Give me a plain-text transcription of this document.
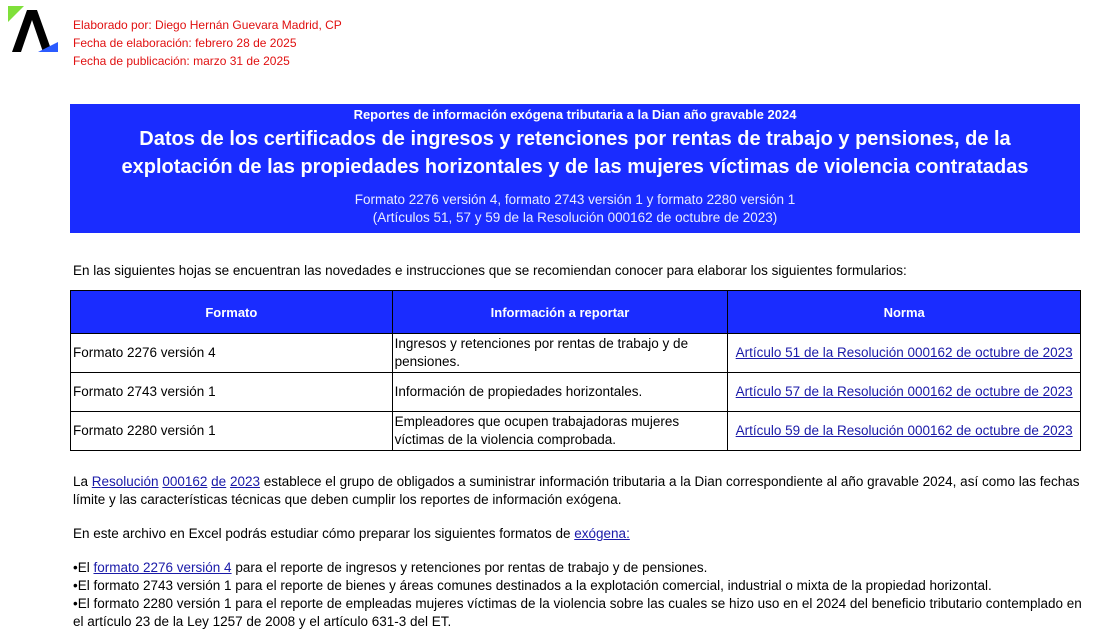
Elaborado por: Diego Hernán Guevara Madrid, CP
Fecha de elaboración: febrero 28 de 2025
Fecha de publicación: marzo 31 de 2025
Reportes de información exógena tributaria a la Dian año gravable 2024
Datos de los certificados de ingresos y retenciones por rentas de trabajo y pensiones, de la
explotación de las propiedades horizontales y de las mujeres víctimas de violencia contratadas
Formato 2276 versión 4, formato 2743 versión 1 y formato 2280 versión 1
(Artículos 51, 57 y 59 de la Resolución 000162 de octubre de 2023)
En las siguientes hojas se encuentran las novedades e instrucciones que se recomiendan conocer para elaborar los siguientes formularios:
Formato	Información a reportar	Norma
Formato 2276 versión 4	Ingresos y retenciones por rentas de trabajo y de pensiones.	Artículo 51 de la Resolución 000162 de octubre de 2023
Formato 2743 versión 1	Información de propiedades horizontales.	Artículo 57 de la Resolución 000162 de octubre de 2023
Formato 2280 versión 1	Empleadores que ocupen trabajadoras mujeres víctimas de la violencia comprobada.	Artículo 59 de la Resolución 000162 de octubre de 2023
La Resolución 000162 de 2023 establece el grupo de obligados a suministrar información tributaria a la Dian correspondiente al año gravable 2024, así como las fechas límite y las características técnicas que deben cumplir los reportes de información exógena.
En este archivo en Excel podrás estudiar cómo preparar los siguientes formatos de exógena:
•El formato 2276 versión 4 para el reporte de ingresos y retenciones por rentas de trabajo y de pensiones.
•El formato 2743 versión 1 para el reporte de bienes y áreas comunes destinados a la explotación comercial, industrial o mixta de la propiedad horizontal.
•El formato 2280 versión 1 para el reporte de empleadas mujeres víctimas de la violencia sobre las cuales se hizo uso en el 2024 del beneficio tributario contemplado en el artículo 23 de la Ley 1257 de 2008 y el artículo 631-3 del ET.
